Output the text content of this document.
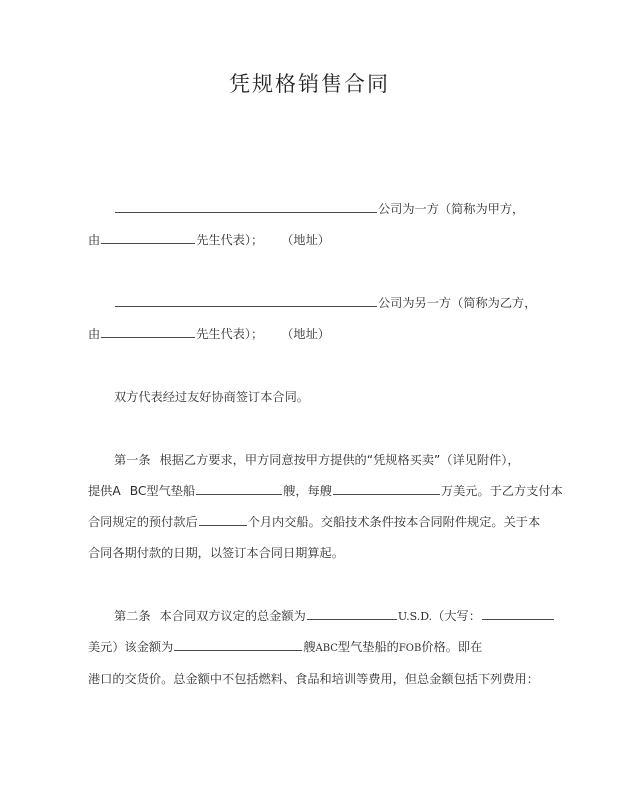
凭规格销售合同
公司为一方（简称为甲方，
由	先生代表）； （地址）
公司为另一方（简称为乙方，
由	先生代表）； （地址）
双方代表经过友好协商签订本合同。
第一条 根据乙方要求，甲方同意按甲方提供的“凭规格买卖”（详见附件），
提供A BC型气垫船	艘，每艘	万美元。于乙方支付本
合同规定的预付款后	个月内交船。交船技术条件按本合同附件规定。关于本
合同各期付款的日期，以签订本合同日期算起。
第二条 本合同双方议定的总金额为	U.S.D.（大写：
美元）该金额为	艘ABC型气垫船的FOB价格。即在
港口的交货价。总金额中不包括燃料、食品和培训等费用，但总金额包括下列费用：
